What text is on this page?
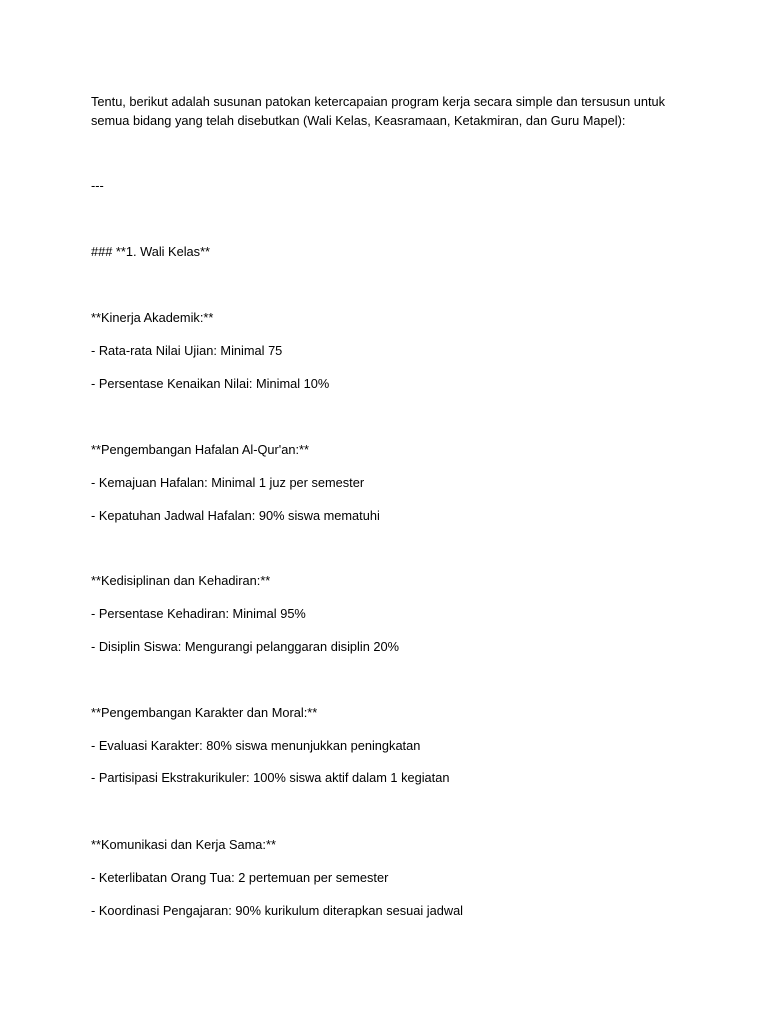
Tentu, berikut adalah susunan patokan ketercapaian program kerja secara simple dan tersusun untuk
semua bidang yang telah disebutkan (Wali Kelas, Keasramaan, Ketakmiran, dan Guru Mapel):
---
### **1. Wali Kelas**
**Kinerja Akademik:**
- Rata-rata Nilai Ujian: Minimal 75
- Persentase Kenaikan Nilai: Minimal 10%
**Pengembangan Hafalan Al-Qur'an:**
- Kemajuan Hafalan: Minimal 1 juz per semester
- Kepatuhan Jadwal Hafalan: 90% siswa mematuhi
**Kedisiplinan dan Kehadiran:**
- Persentase Kehadiran: Minimal 95%
- Disiplin Siswa: Mengurangi pelanggaran disiplin 20%
**Pengembangan Karakter dan Moral:**
- Evaluasi Karakter: 80% siswa menunjukkan peningkatan
- Partisipasi Ekstrakurikuler: 100% siswa aktif dalam 1 kegiatan
**Komunikasi dan Kerja Sama:**
- Keterlibatan Orang Tua: 2 pertemuan per semester
- Koordinasi Pengajaran: 90% kurikulum diterapkan sesuai jadwal
